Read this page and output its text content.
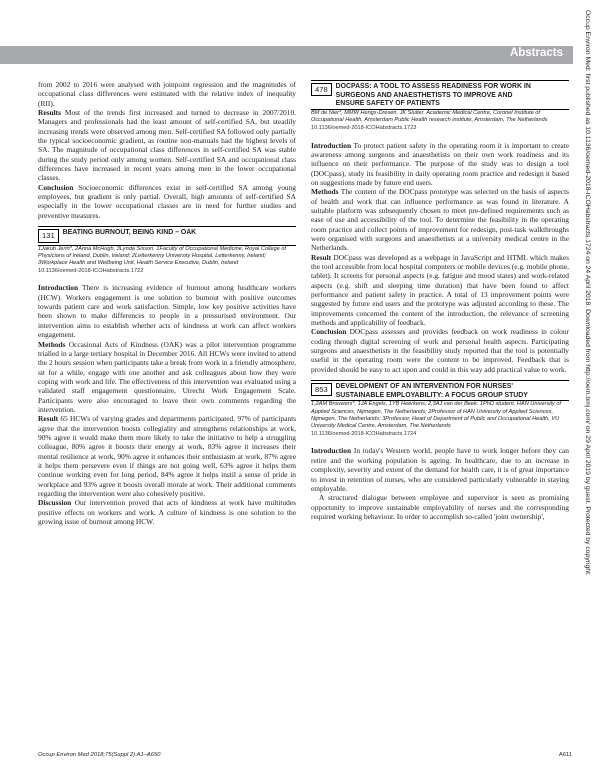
Abstracts

from 2002 to 2016 were analysed with joinpoint regression and the magnitudes of occupational class differences were estimated with the relative index of inequality (RII).

Results Most of the trends first increased and turned to decrease in 2007/2010. Managers and professionals had the least amount of self-certified SA, but steadily increasing trends were observed among men. Self-certified SA followed only partially the typical socioeconomic gradient, as routine non-manuals had the highest levels of SA. The magnitude of occupational class differences in self-certified SA was stable during the study period only among women. Self-certified SA and occupational class differences have increased in recent years among men in the lower occupational classes.

Conclusion Socioeconomic differences exist in self-certified SA among young employees, but gradient is only partial. Overall, high amounts of self-certified SA especially in the lower occupational classes are in need for further studies and preventive measures.

131 BEATING BURNOUT, BEING KIND – OAK

1Jakub Jerin*, 2Anna McHugh, 3Lynda Sisson. 1Faculty of Occupational Medicine, Royal College of Physicians of Ireland, Dublin, Ireland; 2Letterkenny University Hospital, Letterkenny, Ireland; 3Workplace Health and Wellbeing Unit, Health Service Executive, Dublin, Ireland

10.1136/oemed-2018-ICOHabstracts.1722

Introduction There is increasing evidence of burnout among healthcare workers (HCW). Workers engagement is one solution to burnout with positive outcomes towards patient care and work satisfaction. Simple, low key positive activities have been shown to make differences to people in a pressurised environment. Our intervention aims to establish whether acts of kindness at work can affect workers engagement.

Methods Occasional Acts of Kindness (OAK) was a pilot intervention programme trialled in a large tertiary hospital in December 2016. All HCWs were invited to attend the 2 hours session when participants take a break from work in a friendly atmosphere, sit for a while, engage with one another and ask colleagues about how they were coping with work and life. The effectiveness of this intervention was evaluated using a validated staff engagement questionnaire, Utrecht Work Engagement Scale. Participants were also encouraged to leave their own comments regarding the intervention.

Result 65 HCWs of varying grades and departments participated. 97% of participants agree that the intervention boosts collegiality and strengthens relationships at work, 90% agree it would make them more likely to take the initiative to help a struggling colleague, 80% agree it boosts their energy at work, 83% agree it increases their mental resilience at work, 90% agree it enhances their enthusiasm at work, 87% agree it helps them persevere even if things are not going well, 63% agree it helps them continue working even for long period, 84% agree it helps instil a sense of pride in workplace and 93% agree it boosts overall morale at work. Their additional comments regarding the intervention were also cohesively positive.

Discussion Our intervention proved that acts of kindness at work have multitudes positive effects on workers and work. A culture of kindness is one solution to the growing issue of burnout among HCW.

478 DOCPASS: A TOOL TO ASSESS READINESS FOR WORK IN SURGEONS AND ANAESTHETISTS TO IMPROVE AND ENSURE SAFETY OF PATIENTS

BM de Nier*, MMW Hengs-Dresen, JK Sluiter. Academic Medical Centre, Coronel Institute of Occupational Health, Amsterdam Public Health research institute, Amsterdam, The Netherlands

10.1136/oemed-2018-ICOHabstracts.1723

Introduction To protect patient safety in the operating room it is important to create awareness among surgeons and anaesthetists on their own work readiness and its influence on their performance. The purpose of the study was to design a tool (DOCpass), study its feasibility in daily operating room practice and redesign it based on suggestions made by future end users.

Methods The content of the DOCpass prototype was selected on the basis of aspects of health and work that can influence performance as was found in literature. A suitable platform was subsequently chosen to meet pre-defined requirements such as ease of use and accessibility of the tool. To determine the feasibility in the operating room practice and collect points of improvement for redesign, post-task walkthroughs were organised with surgeons and anaesthetists at a university medical centre in the Netherlands.

Result DOCpass was developed as a webpage in JavaScript and HTML which makes the tool accessible from local hospital computers or mobile devices (e.g. mobile phone, tablet). It screens for personal aspects (e.g. fatigue and mood states) and work-related aspects (e.g. shift and sleeping time duration) that have been found to affect performance and patient safety in practice. A total of 13 improvement points were suggested by future end users and the prototype was adjusted according to these. The improvements concerned the content of the introduction, the relevance of screening methods and applicability of feedback.

Conclusion DOCpass assesses and provides feedback on work readiness in colour coding through digital screening of work and personal health aspects. Participating surgeons and anaesthetists in the feasibility study reported that the tool is potentially useful in the operating room were the content to be improved. Feedback that is provided should be easy to act upon and could in this way add practical value to work.

853 DEVELOPMENT OF AN INTERVENTION FOR NURSES' SUSTAINABLE EMPLOYABILITY: A FOCUS GROUP STUDY

1,2AM Brouwers*, 1JA Engels, 1YB Heerkens, 2,3AJ van der Beek. 1PhD student, HAN University of Applied Sciences, Nijmegen, The Netherlands; 2Professor of HAN University of Applied Sciences, Nijmegen, The Netherlands; 3Professor, Head of Department of Public and Occupational Health, VU University Medical Centre, Amsterdam, The Netherlands

10.1136/oemed-2018-ICOHabstracts.1724

Introduction In today's Western world, people have to work longer before they can retire and the working population is ageing. In healthcare, due to an increase in complexity, severity and extent of the demand for health care, it is of great importance to invest in retention of nurses, who are considered particularly vulnerable in staying employable.

A structured dialogue between employee and supervisor is seen as promising opportunity to improve sustainable employability of nurses and the corresponding required working behaviour. In order to accomplish so-called 'joint ownership',

Occup Environ Med 2018;75(Suppl 2):A1–A650	A611
Occup Environ Med: first published as 10.1136/oemed-2018-ICOHabstracts.1724 on 24 April 2018. Downloaded from http://oem.bmj.com/ on 29 April 2019 by guest. Protected by copyright.
